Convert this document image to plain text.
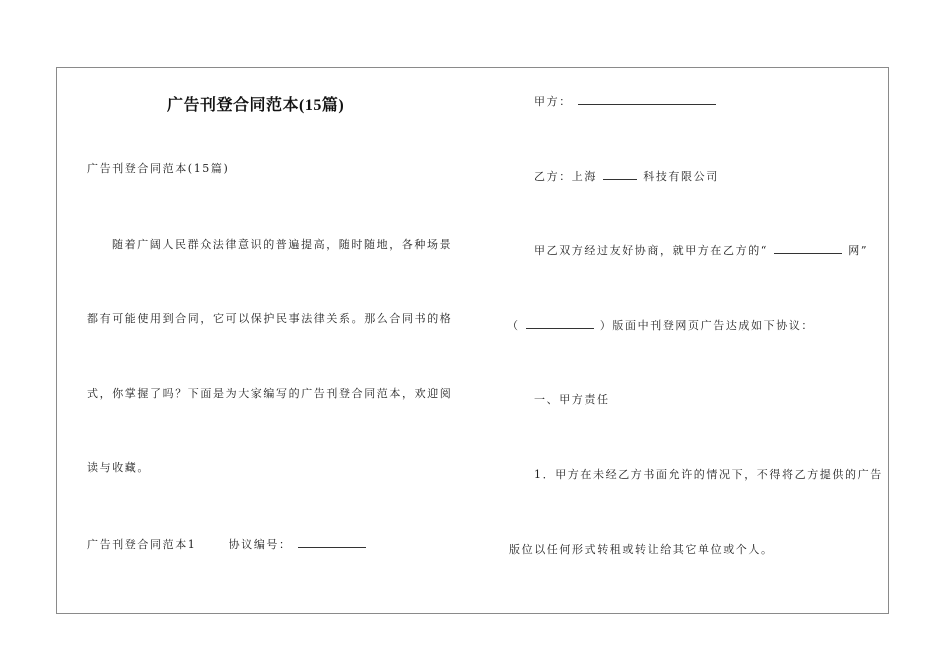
广告刊登合同范本(15篇)
广告刊登合同范本(15篇)
随着广阔人民群众法律意识的普遍提高，随时随地，各种场景
都有可能使用到合同，它可以保护民事法律关系。那么合同书的格
式，你掌握了吗？下面是为大家编写的广告刊登合同范本，欢迎阅
读与收藏。
广告刊登合同范本1	协议编号：
甲方：
乙方：上海	科技有限公司
甲乙双方经过友好协商，就甲方在乙方的“	网”
（	）版面中刊登网页广告达成如下协议：
一、甲方责任
1．甲方在未经乙方书面允许的情况下，不得将乙方提供的广告
版位以任何形式转租或转让给其它单位或个人。
